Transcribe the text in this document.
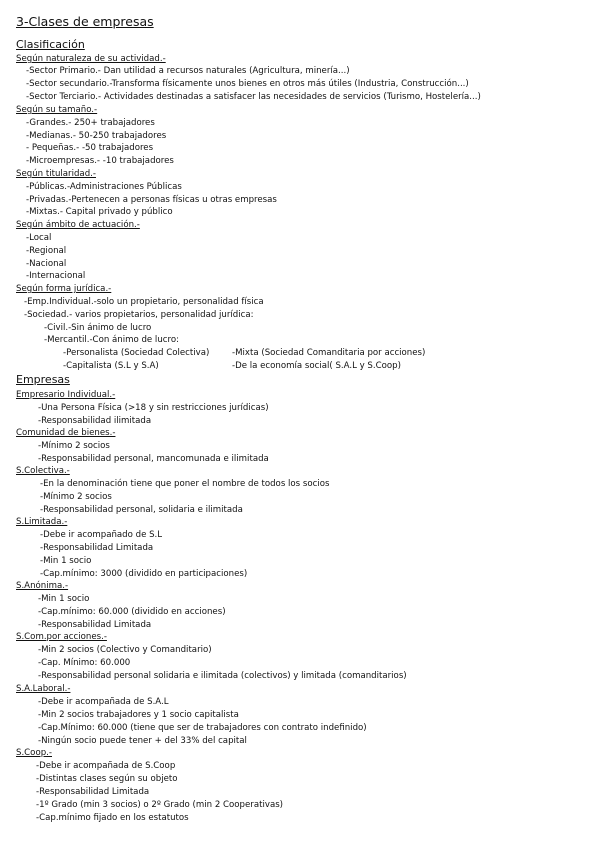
3-Clases de empresas
Clasificación
Según naturaleza de su actividad.-
-Sector Primario.- Dan utilidad a recursos naturales (Agricultura, minería...)
-Sector secundario.-Transforma físicamente unos bienes en otros más útiles (Industria, Construcción...)
-Sector Terciario.- Actividades destinadas a satisfacer las necesidades de servicios (Turismo, Hostelería...)
Según su tamaño.-
-Grandes.- 250+ trabajadores
-Medianas.- 50-250 trabajadores
- Pequeñas.- -50 trabajadores
-Microempresas.- -10 trabajadores
Según titularidad.-
-Públicas.-Administraciones Públicas
-Privadas.-Pertenecen a personas físicas u otras empresas
-Mixtas.- Capital privado y público
Según ámbito de actuación.-
-Local
-Regional
-Nacional
-Internacional
Según forma jurídica.-
-Emp.Individual.-solo un propietario, personalidad física
-Sociedad.- varios propietarios, personalidad jurídica:
-Civil.-Sin ánimo de lucro
-Mercantil.-Con ánimo de lucro:
-Personalista (Sociedad Colectiva)	-Mixta (Sociedad Comanditaria por acciones)
-Capitalista (S.L y S.A)	-De la economía social( S.A.L y S.Coop)
Empresas
Empresario Individual.-
-Una Persona Física (>18 y sin restricciones jurídicas)
-Responsabilidad ilimitada
Comunidad de bienes.-
-Mínimo 2 socios
-Responsabilidad personal, mancomunada e ilimitada
S.Colectiva.-
-En la denominación tiene que poner el nombre de todos los socios
-Mínimo 2 socios
-Responsabilidad personal, solidaria e ilimitada
S.Limitada.-
-Debe ir acompañado de S.L
-Responsabilidad Limitada
-Min 1 socio
-Cap.mínimo: 3000 (dividido en participaciones)
S.Anónima.-
-Min 1 socio
-Cap.mínimo: 60.000 (dividido en acciones)
-Responsabilidad Limitada
S.Com.por acciones.-
-Min 2 socios (Colectivo y Comanditario)
-Cap. Mínimo: 60.000
-Responsabilidad personal solidaria e ilimitada (colectivos) y limitada (comanditarios)
S.A.Laboral.-
-Debe ir acompañada de S.A.L
-Min 2 socios trabajadores y 1 socio capitalista
-Cap.Mínimo: 60.000 (tiene que ser de trabajadores con contrato indefinido)
-Ningún socio puede tener + del 33% del capital
S.Coop.-
-Debe ir acompañada de S.Coop
-Distintas clases según su objeto
-Responsabilidad Limitada
-1º Grado (min 3 socios) o 2º Grado (min 2 Cooperativas)
-Cap.mínimo fijado en los estatutos
